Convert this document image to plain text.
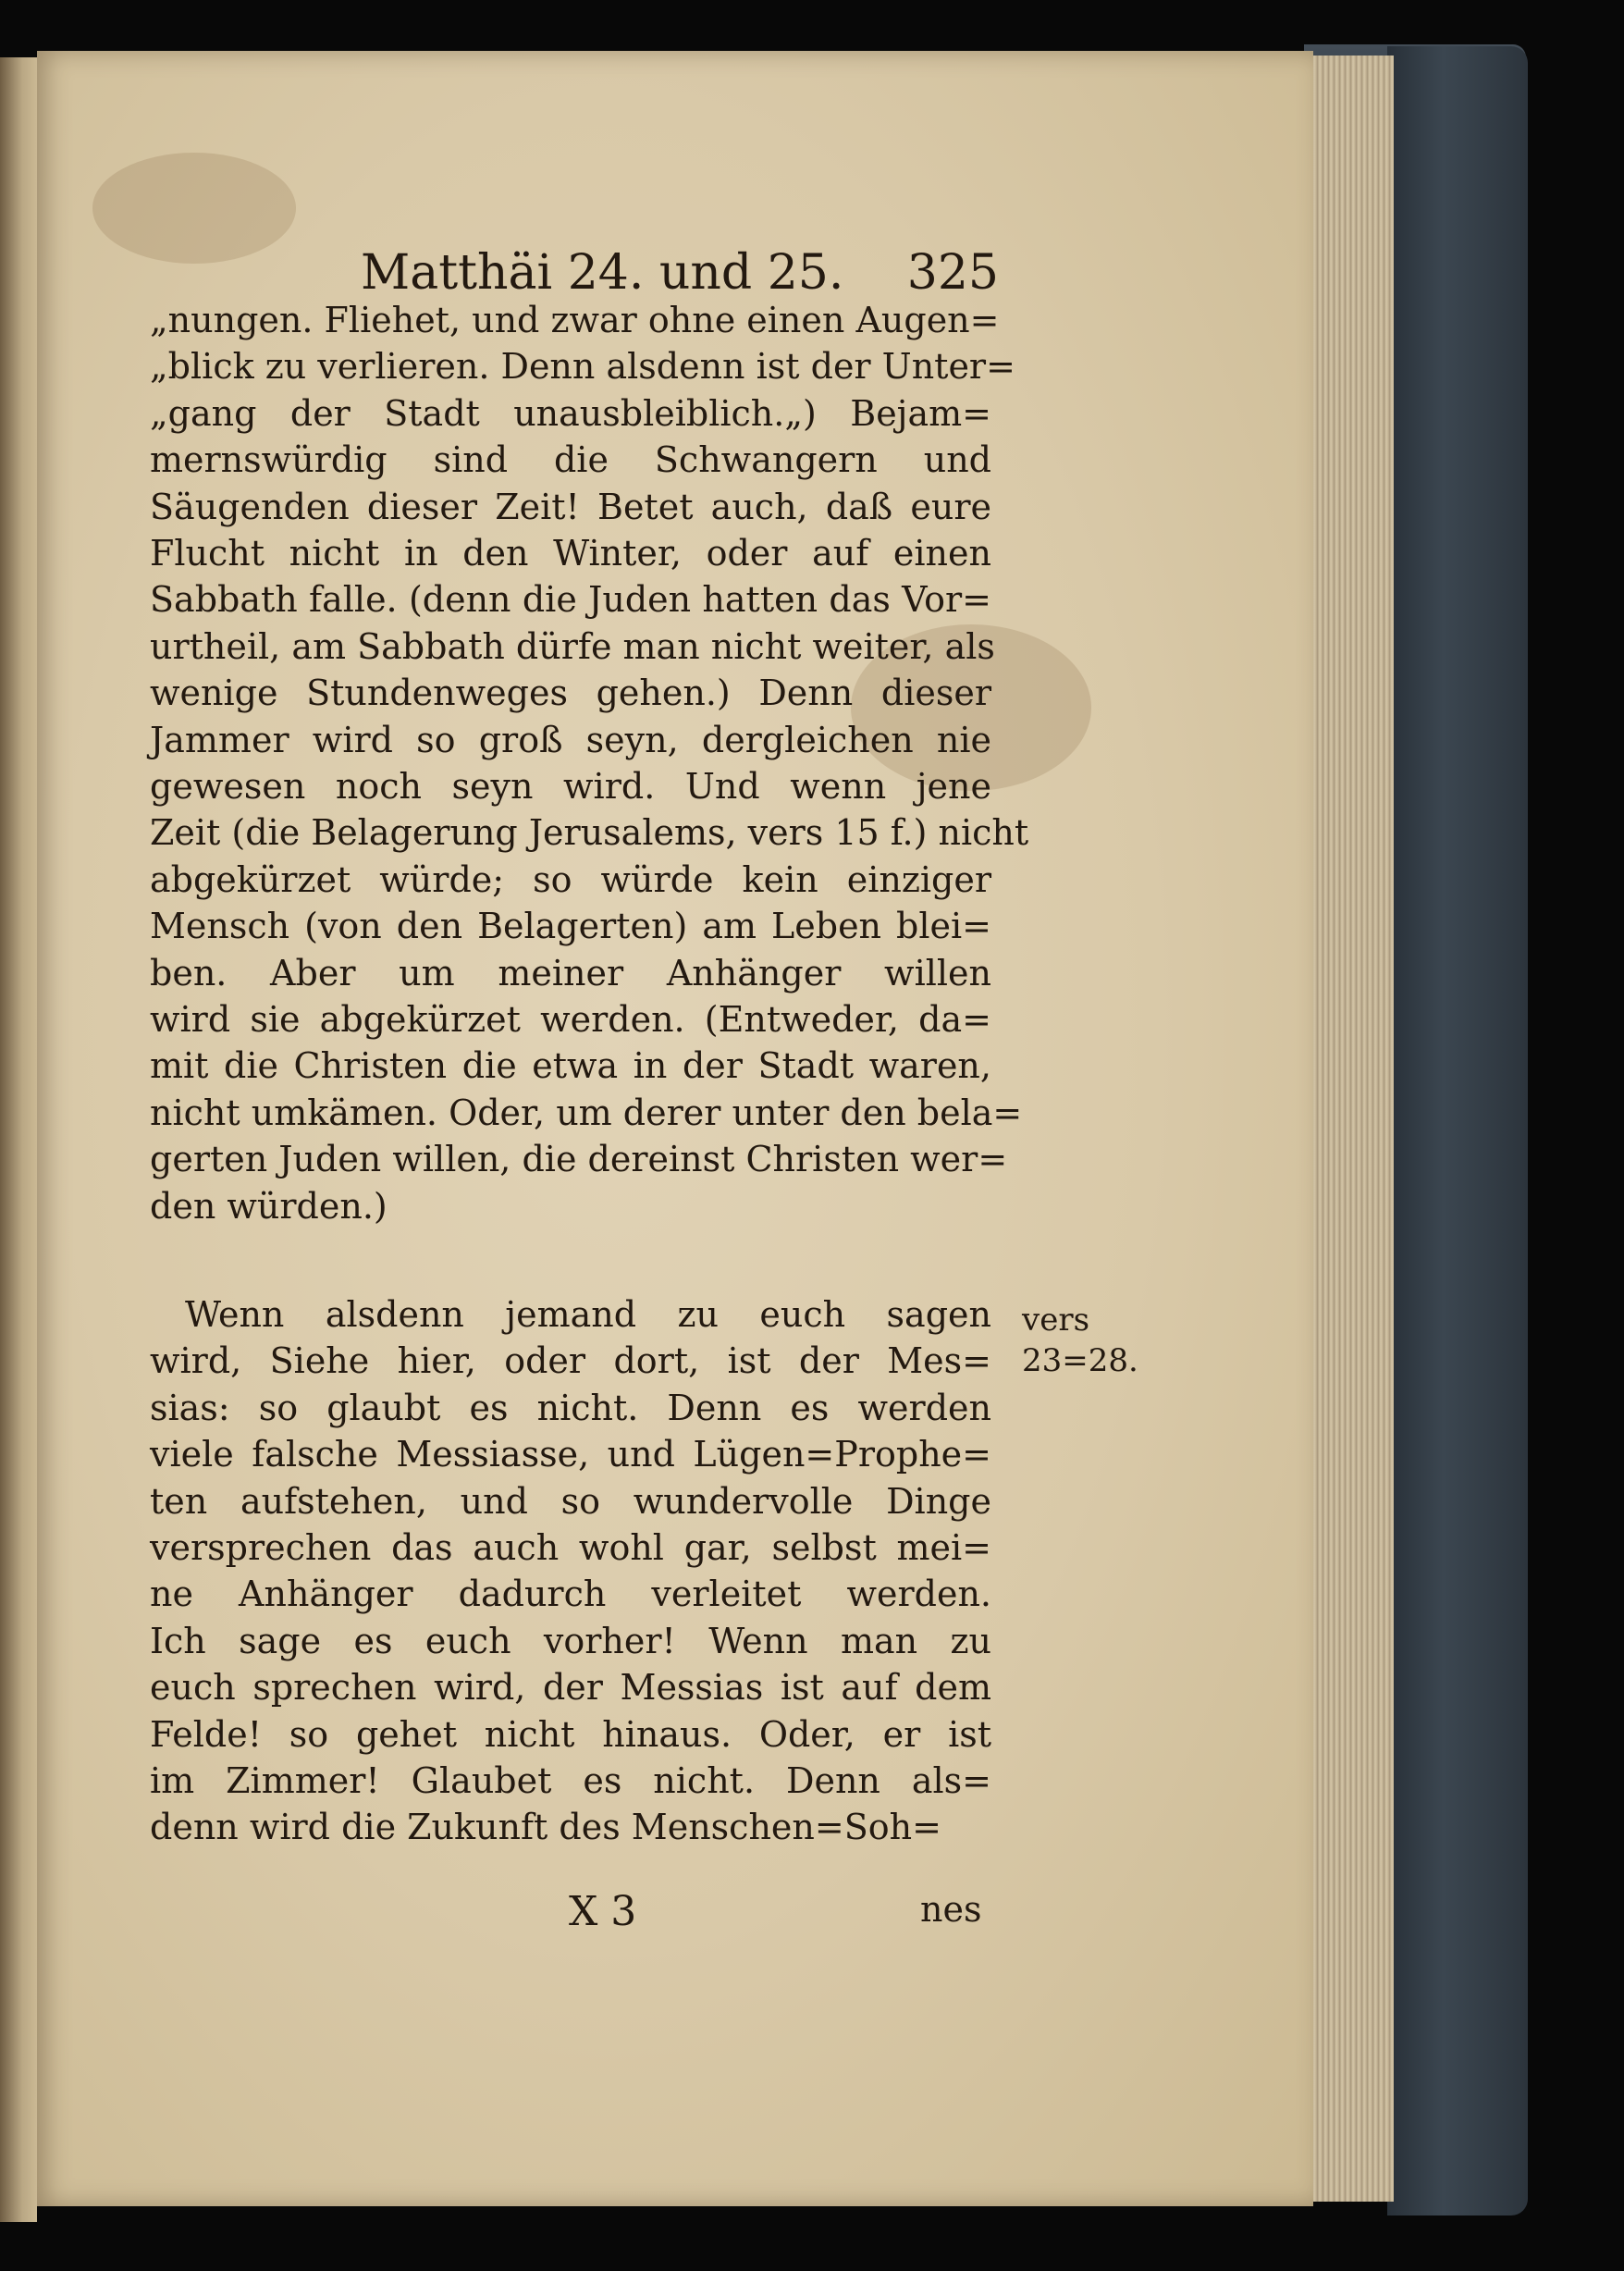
Matthäi 24. und 25. 325
„nungen. Fliehet, und zwar ohne einen Augen=
„blick zu verlieren. Denn alsdenn ist der Unter=
„gang der Stadt unausbleiblich.„) Bejam=
mernswürdig sind die Schwangern und
Säugenden dieser Zeit! Betet auch, daß eure
Flucht nicht in den Winter, oder auf einen
Sabbath falle. (denn die Juden hatten das Vor=
urtheil, am Sabbath dürfe man nicht weiter, als
wenige Stundenweges gehen.) Denn dieser
Jammer wird so groß seyn, dergleichen nie
gewesen noch seyn wird. Und wenn jene
Zeit (die Belagerung Jerusalems, vers 15 f.) nicht
abgekürzet würde; so würde kein einziger
Mensch (von den Belagerten) am Leben blei=
ben. Aber um meiner Anhänger willen
wird sie abgekürzet werden. (Entweder, da=
mit die Christen die etwa in der Stadt waren,
nicht umkämen. Oder, um derer unter den bela=
gerten Juden willen, die dereinst Christen wer=
den würden.)
Wenn alsdenn jemand zu euch sagen
wird, Siehe hier, oder dort, ist der Mes=
sias: so glaubt es nicht. Denn es werden
viele falsche Messiasse, und Lügen=Prophe=
ten aufstehen, und so wundervolle Dinge
versprechen das auch wohl gar, selbst mei=
ne Anhänger dadurch verleitet werden.
Ich sage es euch vorher! Wenn man zu
euch sprechen wird, der Messias ist auf dem
Felde! so gehet nicht hinaus. Oder, er ist
im Zimmer! Glaubet es nicht. Denn als=
denn wird die Zukunft des Menschen=Soh=
vers
23=28.
X 3	nes
